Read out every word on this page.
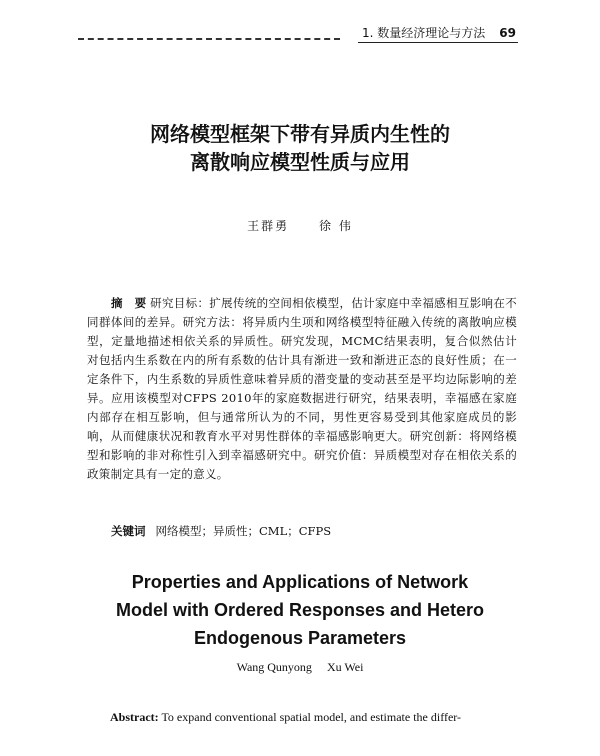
1. 数量经济理论与方法 69
网络模型框架下带有异质内生性的
离散响应模型性质与应用
王群勇 徐 伟
摘 要研究目标：扩展传统的空间相依模型，估计家庭中幸福感相互影响在不同群体间的差异。研究方法：将异质内生项和网络模型特征融入传统的离散响应模型，定量地描述相依关系的异质性。研究发现，MCMC结果表明，复合似然估计对包括内生系数在内的所有系数的估计具有渐进一致和渐进正态的良好性质；在一定条件下，内生系数的异质性意味着异质的潜变量的变动甚至是平均边际影响的差异。应用该模型对CFPS 2010年的家庭数据进行研究，结果表明，幸福感在家庭内部存在相互影响，但与通常所认为的不同，男性更容易受到其他家庭成员的影响，从而健康状况和教育水平对男性群体的幸福感影响更大。研究创新：将网络模型和影响的非对称性引入到幸福感研究中。研究价值：异质模型对存在相依关系的政策制定具有一定的意义。
关键词 网络模型；异质性；CML；CFPS
Properties and Applications of Network
Model with Ordered Responses and Hetero
Endogenous Parameters
Wang Qunyong Xu Wei
Abstract: To expand conventional spatial model, and estimate the differ-
